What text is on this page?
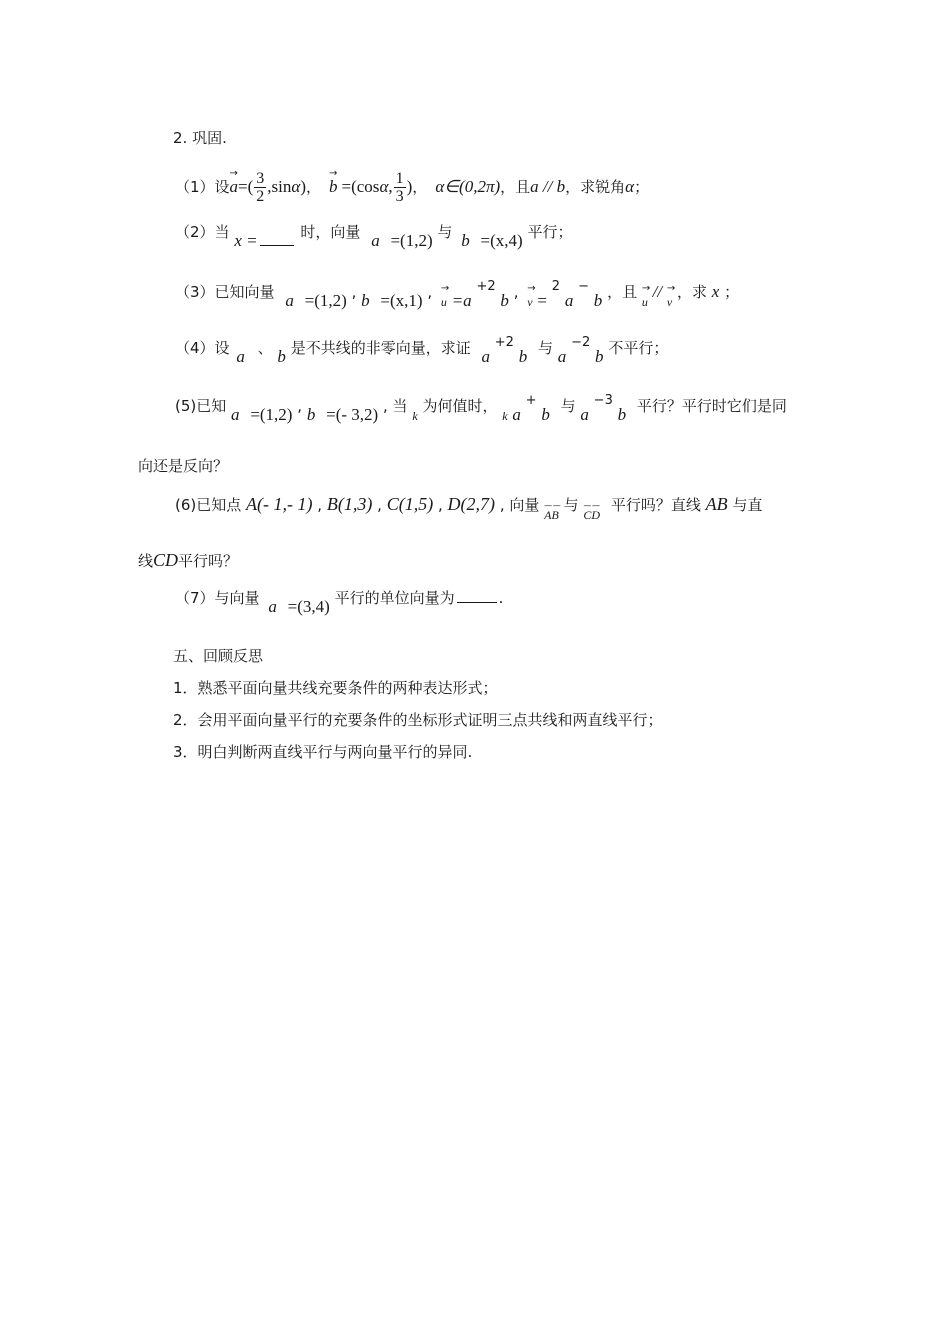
2. 巩固.
（1）设 → a =( $\frac{3}{2} ,\sin$ α ) ， → b =(cos α , $\frac{1}{3}$ ) ， α∈(0,2π) ，且 a // b ，求锐角 α ；
（2）当 x =	时，向量 a =(1,2) 与 b =(x,4) 平行；
（3）已知向量 a =(1,2) , b =(x,1) , → u =a +2 b , → v = 2 a − b ，且 → u // → v ，求 x ；
（4）设 a 、 b 是不共线的非零向量，求证 a +2 b 与 a −2 b 不平行；
(5)已知 a =(1,2) , b =(- 3,2) , 当 $_k$ 为何值时， $_k$ a + b 与 a −3 b 平行？平行时它们是同
向还是反向？
(6)已知点 A(- 1,- 1) , B(1,3) , C(1,5) , D(2,7) , 向量 — — AB 与 — — CD 平行吗？直线 AB 与直
线CD平行吗？
（7）与向量 a =(3,4) 平行的单位向量为	.
五、回顾反思
1．熟悉平面向量共线充要条件的两种表达形式；
2．会用平面向量平行的充要条件的坐标形式证明三点共线和两直线平行；
3．明白判断两直线平行与两向量平行的异同.
